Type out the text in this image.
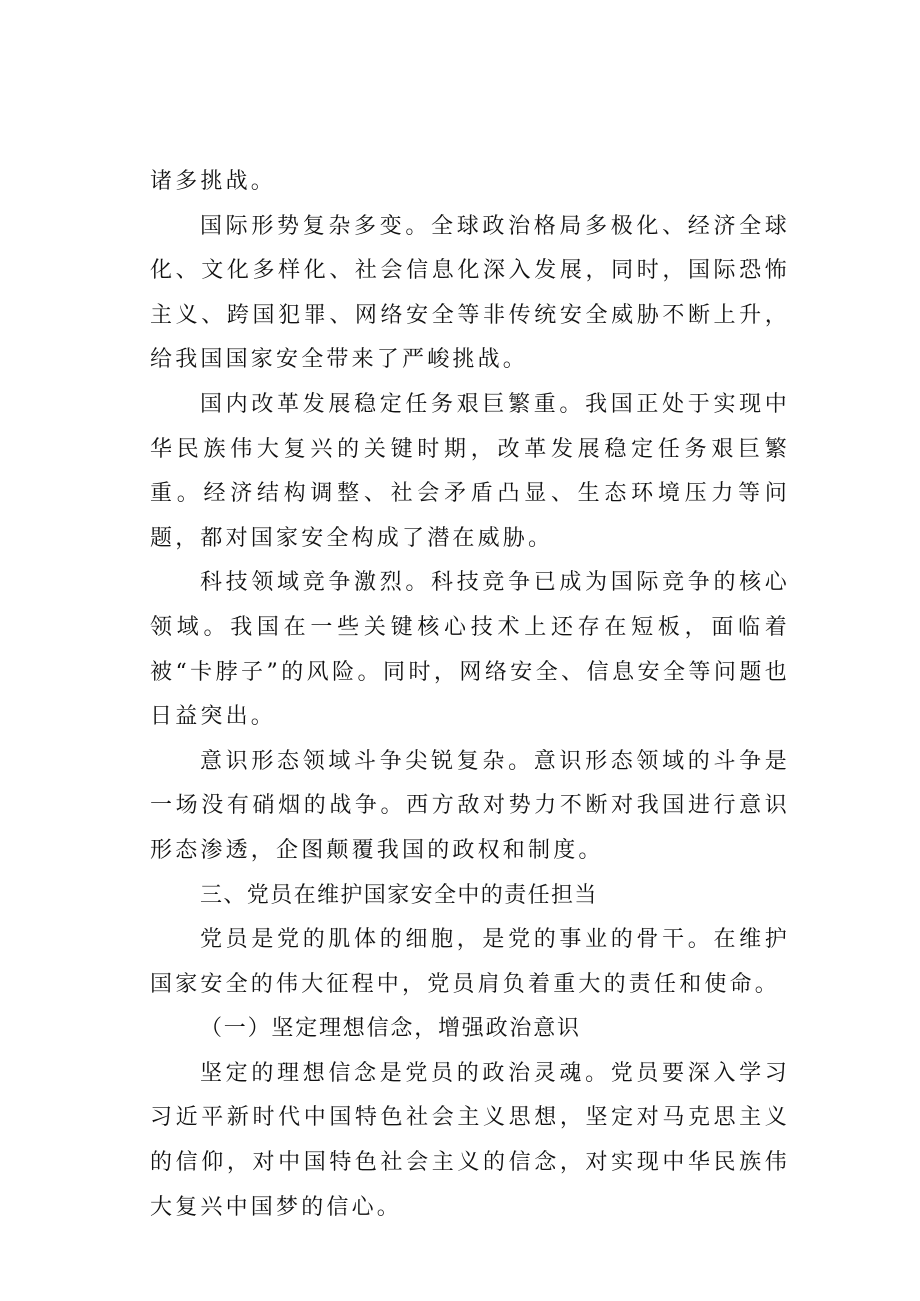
诸多挑战。

国际形势复杂多变。全球政治格局多极化、经济全球化、文化多样化、社会信息化深入发展，同时，国际恐怖主义、跨国犯罪、网络安全等非传统安全威胁不断上升，给我国国家安全带来了严峻挑战。

国内改革发展稳定任务艰巨繁重。我国正处于实现中华民族伟大复兴的关键时期，改革发展稳定任务艰巨繁重。经济结构调整、社会矛盾凸显、生态环境压力等问题，都对国家安全构成了潜在威胁。

科技领域竞争激烈。科技竞争已成为国际竞争的核心领域。我国在一些关键核心技术上还存在短板，面临着被“卡脖子”的风险。同时，网络安全、信息安全等问题也日益突出。

意识形态领域斗争尖锐复杂。意识形态领域的斗争是一场没有硝烟的战争。西方敌对势力不断对我国进行意识形态渗透，企图颠覆我国的政权和制度。

三、党员在维护国家安全中的责任担当

党员是党的肌体的细胞，是党的事业的骨干。在维护国家安全的伟大征程中，党员肩负着重大的责任和使命。

（一）坚定理想信念，增强政治意识

坚定的理想信念是党员的政治灵魂。党员要深入学习习近平新时代中国特色社会主义思想，坚定对马克思主义的信仰，对中国特色社会主义的信念，对实现中华民族伟大复兴中国梦的信心。
